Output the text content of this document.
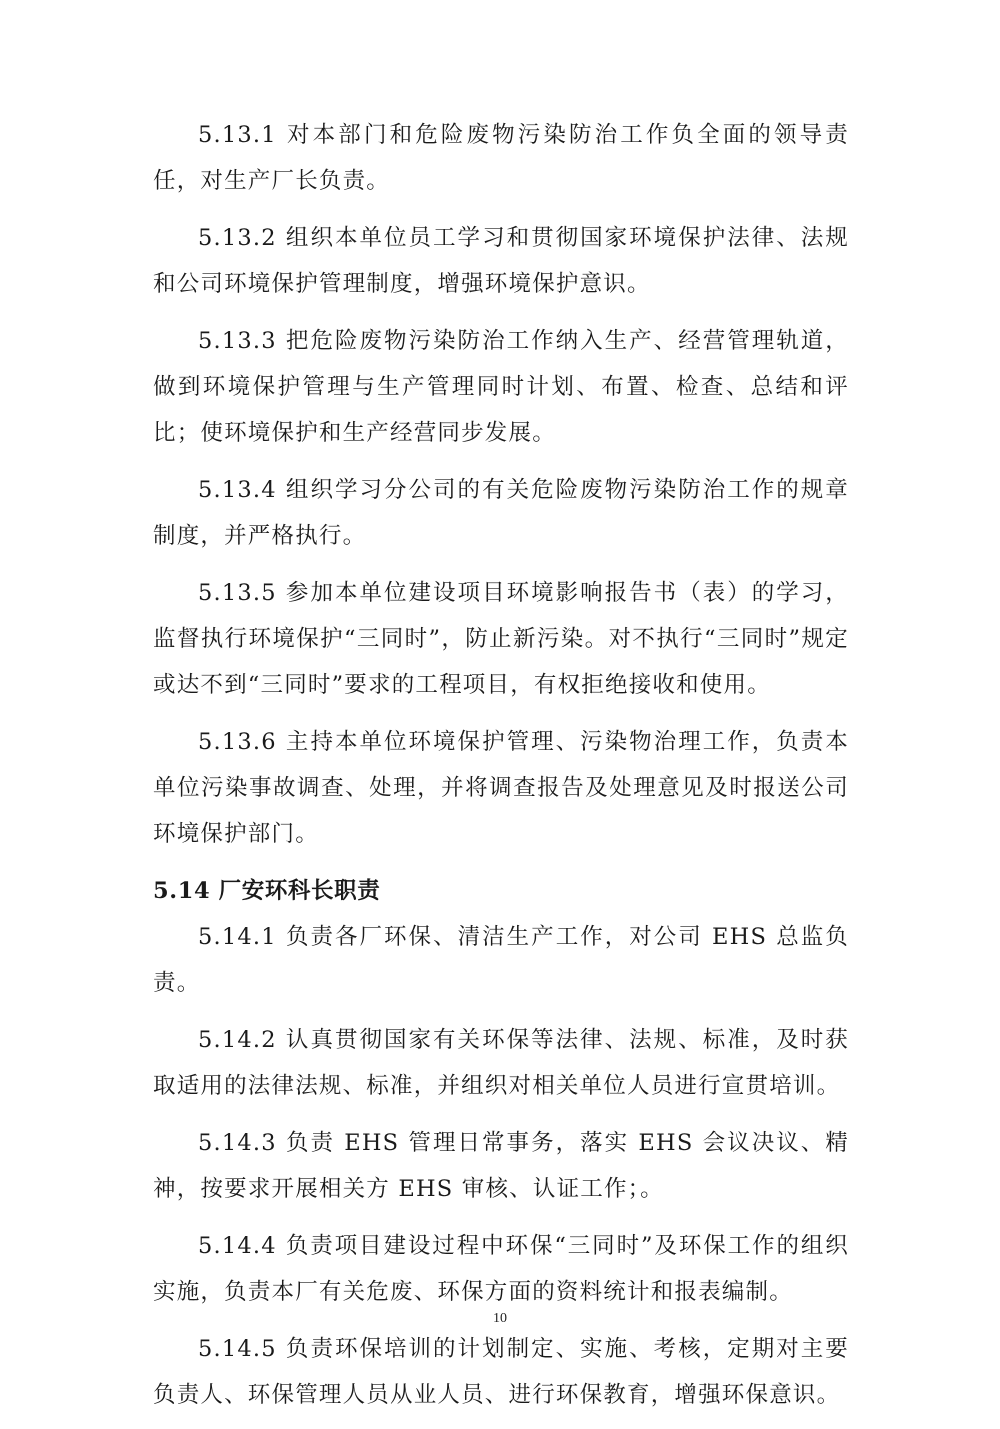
5.13.1 对本部门和危险废物污染防治工作负全面的领导责任，对生产厂长负责。

5.13.2 组织本单位员工学习和贯彻国家环境保护法律、法规和公司环境保护管理制度，增强环境保护意识。

5.13.3 把危险废物污染防治工作纳入生产、经营管理轨道，做到环境保护管理与生产管理同时计划、布置、检查、总结和评比；使环境保护和生产经营同步发展。

5.13.4 组织学习分公司的有关危险废物污染防治工作的规章制度，并严格执行。

5.13.5 参加本单位建设项目环境影响报告书（表）的学习，监督执行环境保护“三同时”，防止新污染。对不执行“三同时”规定或达不到“三同时”要求的工程项目，有权拒绝接收和使用。

5.13.6 主持本单位环境保护管理、污染物治理工作，负责本单位污染事故调查、处理，并将调查报告及处理意见及时报送公司环境保护部门。

5.14 厂安环科长职责

5.14.1 负责各厂环保、清洁生产工作，对公司 EHS 总监负责。

5.14.2 认真贯彻国家有关环保等法律、法规、标准，及时获取适用的法律法规、标准，并组织对相关单位人员进行宣贯培训。

5.14.3 负责 EHS 管理日常事务，落实 EHS 会议决议、精神，按要求开展相关方 EHS 审核、认证工作；。

5.14.4 负责项目建设过程中环保“三同时”及环保工作的组织实施，负责本厂有关危废、环保方面的资料统计和报表编制。

5.14.5 负责环保培训的计划制定、实施、考核，定期对主要负责人、环保管理人员从业人员、进行环保教育，增强环保意识。

10
